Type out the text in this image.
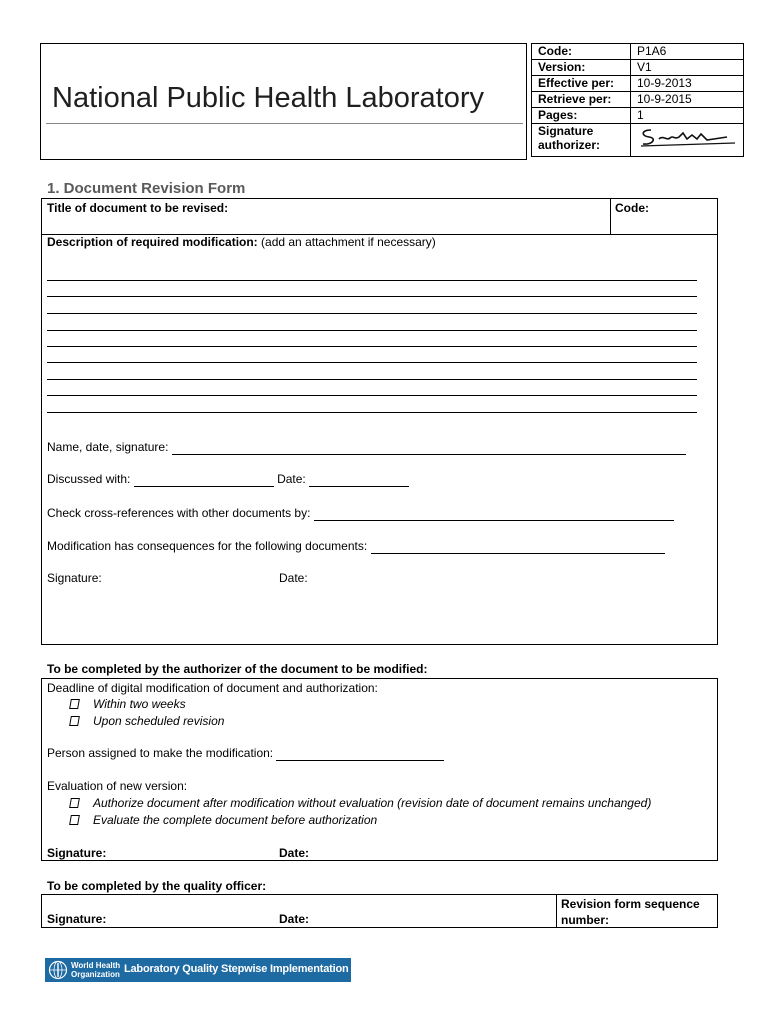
National Public Health Laboratory
Code:	P1A6
Version:	V1
Effective per:	10-9-2013
Retrieve per:	10-9-2015
Pages:	1

Signature
authorizer:

1. Document Revision Form
Title of document to be revised:	Code:
Description of required modification: (add an attachment if necessary)
Name, date, signature:
Discussed with:	Date:
Check cross-references with other documents by:
Modification has consequences for the following documents:
Signature:	Date:
To be completed by the authorizer of the document to be modified:
Deadline of digital modification of document and authorization:
Within two weeks
Upon scheduled revision
Person assigned to make the modification:
Evaluation of new version:
Authorize document after modification without evaluation (revision date of document remains unchanged)
Evaluate the complete document before authorization
Signature:	Date:
To be completed by the quality officer:
Signature:	Date:
Revision form sequence
number:
World Health
Organization Laboratory Quality Stepwise Implementation tool
